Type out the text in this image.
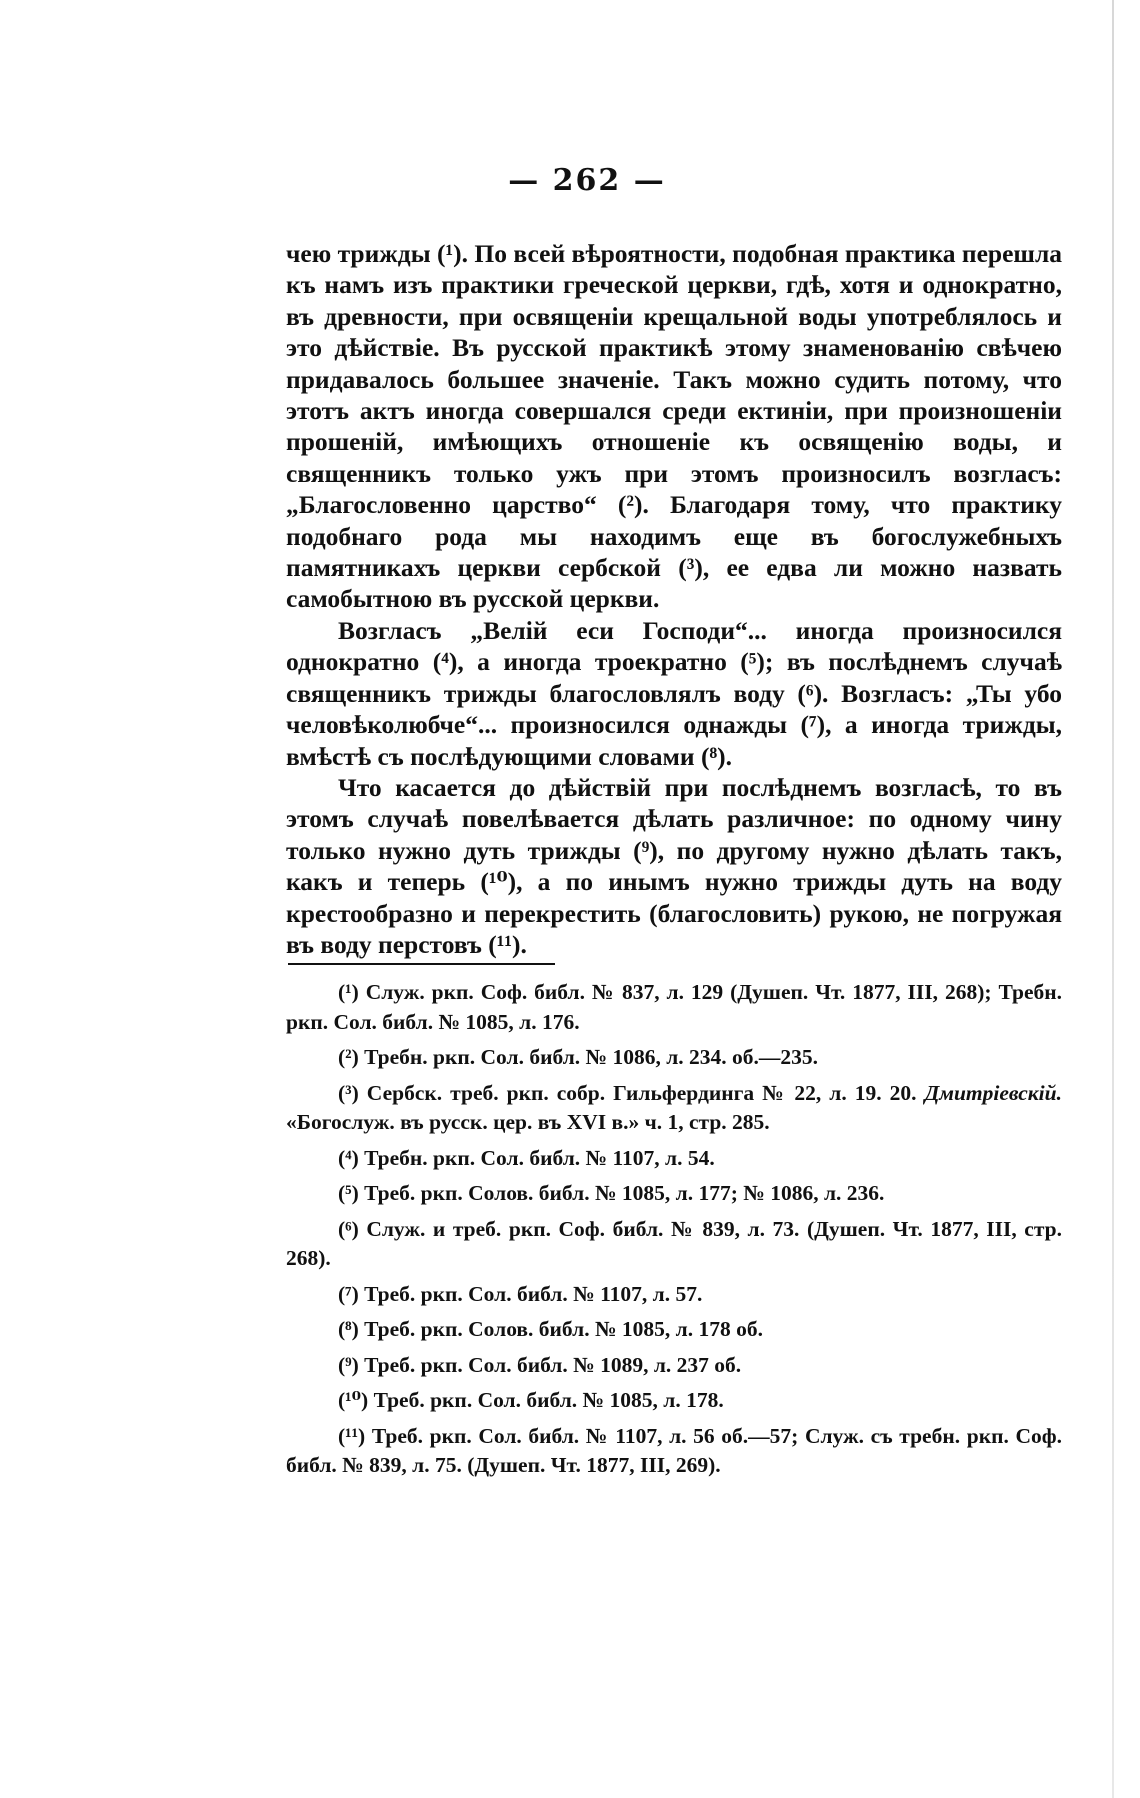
— 262 —

чею трижды (¹). По всей вѣроятности, подобная практика перешла къ намъ изъ практики греческой церкви, гдѣ, хотя и однократно, въ древности, при освященіи крещальной воды употреблялось и это дѣйствіе. Въ русской практикѣ этому знаменованію свѣчею придавалось большее значеніе. Такъ можно судить потому, что этотъ актъ иногда совершался среди ектиніи, при произношеніи прошеній, имѣющихъ отношеніе къ освященію воды, и священникъ только ужъ при этомъ произносилъ возгласъ: „Благословенно царство“ (²). Благодаря тому, что практику подобнаго рода мы находимъ еще въ богослужебныхъ памятникахъ церкви сербской (³), ее едва ли можно назвать самобытною въ русской церкви.

Возгласъ „Велій еси Господи“... иногда произносился однократно (⁴), а иногда троекратно (⁵); въ послѣднемъ случаѣ священникъ трижды благословлялъ воду (⁶). Возгласъ: „Ты убо человѣколюбче“... произносился однажды (⁷), а иногда трижды, вмѣстѣ съ послѣдующими словами (⁸).

Что касается до дѣйствій при послѣднемъ возгласѣ, то въ этомъ случаѣ повелѣвается дѣлать различное: по одному чину только нужно дуть трижды (⁹), по другому нужно дѣлать такъ, какъ и теперь (¹⁰), а по инымъ нужно трижды дуть на воду крестообразно и перекрестить (благословить) рукою, не погружая въ воду перстовъ (¹¹).

(¹) Служ. ркп. Соф. библ. № 837, л. 129 (Душеп. Чт. 1877, III, 268); Требн. ркп. Сол. библ. № 1085, л. 176.

(²) Требн. ркп. Сол. библ. № 1086, л. 234. об.—235.

(³) Сербск. треб. ркп. собр. Гильфердинга № 22, л. 19. 20. Дмитріевскій. «Богослуж. въ русск. цер. въ XVI в.» ч. 1, стр. 285.

(⁴) Требн. ркп. Сол. библ. № 1107, л. 54.

(⁵) Треб. ркп. Солов. библ. № 1085, л. 177; № 1086, л. 236.

(⁶) Служ. и треб. ркп. Соф. библ. № 839, л. 73. (Душеп. Чт. 1877, III, стр. 268).

(⁷) Треб. ркп. Сол. библ. № 1107, л. 57.

(⁸) Треб. ркп. Солов. библ. № 1085, л. 178 об.

(⁹) Треб. ркп. Сол. библ. № 1089, л. 237 об.

(¹⁰) Треб. ркп. Сол. библ. № 1085, л. 178.

(¹¹) Треб. ркп. Сол. библ. № 1107, л. 56 об.—57; Служ. съ требн. ркп. Соф. библ. № 839, л. 75. (Душеп. Чт. 1877, III, 269).
